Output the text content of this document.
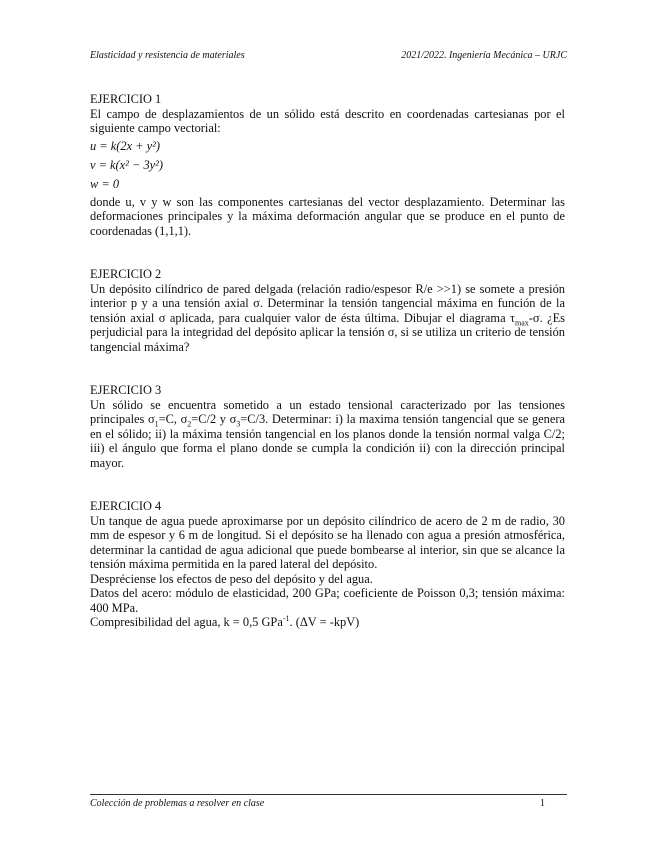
Elasticidad y resistencia de materiales	2021/2022. Ingeniería Mecánica – URJC
EJERCICIO 1
El campo de desplazamientos de un sólido está descrito en coordenadas cartesianas por el siguiente campo vectorial:
u = k(2x + y²)
v = k(x² − 3y²)
w = 0
donde u, v y w son las componentes cartesianas del vector desplazamiento. Determinar las deformaciones principales y la máxima deformación angular que se produce en el punto de coordenadas (1,1,1).
EJERCICIO 2
Un depósito cilíndrico de pared delgada (relación radio/espesor R/e >>1) se somete a presión interior p y a una tensión axial σ. Determinar la tensión tangencial máxima en función de la tensión axial σ aplicada, para cualquier valor de ésta última. Dibujar el diagrama $\tau_{max}-\sigma$. ¿Es perjudicial para la integridad del depósito aplicar la tensión σ, si se utiliza un criterio de tensión tangencial máxima?
EJERCICIO 3
Un sólido se encuentra sometido a un estado tensional caracterizado por las tensiones principales $\sigma_1=C$, $\sigma_2=C/2$ y $\sigma_3=C/3$. Determinar: i) la maxima tensión tangencial que se genera en el sólido; ii) la máxima tensión tangencial en los planos donde la tensión normal valga C/2; iii) el ángulo que forma el plano donde se cumpla la condición ii) con la dirección principal mayor.
EJERCICIO 4
Un tanque de agua puede aproximarse por un depósito cilíndrico de acero de 2 m de radio, 30 mm de espesor y 6 m de longitud. Si el depósito se ha llenado con agua a presión atmosférica, determinar la cantidad de agua adicional que puede bombearse al interior, sin que se alcance la tensión máxima permitida en la pared lateral del depósito.
Despréciense los efectos de peso del depósito y del agua.
Datos del acero: módulo de elasticidad, 200 GPa; coeficiente de Poisson 0,3; tensión máxima: 400 MPa.
Compresibilidad del agua, k = 0,5 GPa$^{-1}$. (ΔV = -kpV)
Colección de problemas a resolver en clase	1
